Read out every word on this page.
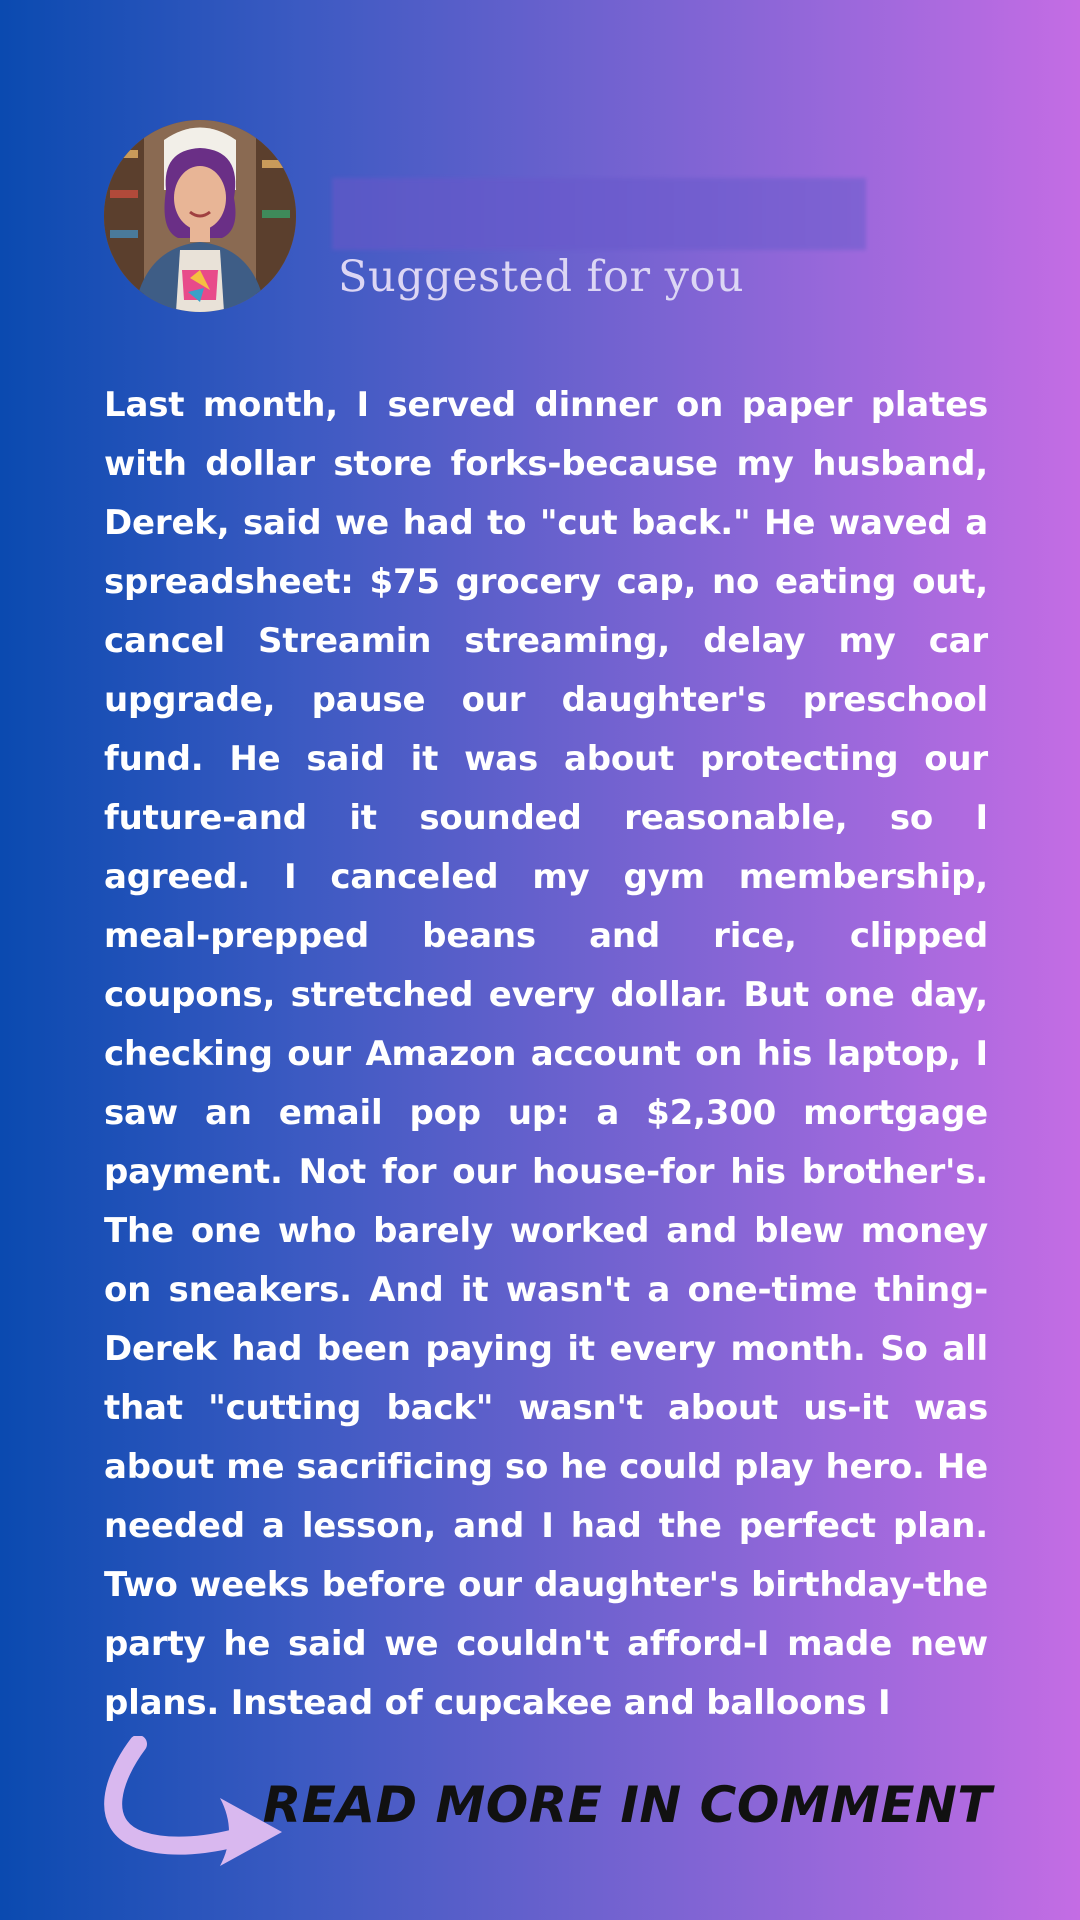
Suggested for you

Last month, I served dinner on paper plates with dollar store forks-because my husband, Derek, said we had to "cut back." He waved a spreadsheet: $75 grocery cap, no eating out, cancel Streamin streaming, delay my car upgrade, pause our daughter's preschool fund. He said it was about protecting our future-and it sounded reasonable, so I agreed. I canceled my gym membership, meal-prepped beans and rice, clipped coupons, stretched every dollar. But one day, checking our Amazon account on his laptop, I saw an email pop up: a $2,300 mortgage payment. Not for our house-for his brother's. The one who barely worked and blew money on sneakers. And it wasn't a one-time thing-Derek had been paying it every month. So all that "cutting back" wasn't about us-it was about me sacrificing so he could play hero. He needed a lesson, and I had the perfect plan. Two weeks before our daughter's birthday-the party he said we couldn't afford-I made new plans. Instead of cupcakee and balloons I

READ MORE IN COMMENT
